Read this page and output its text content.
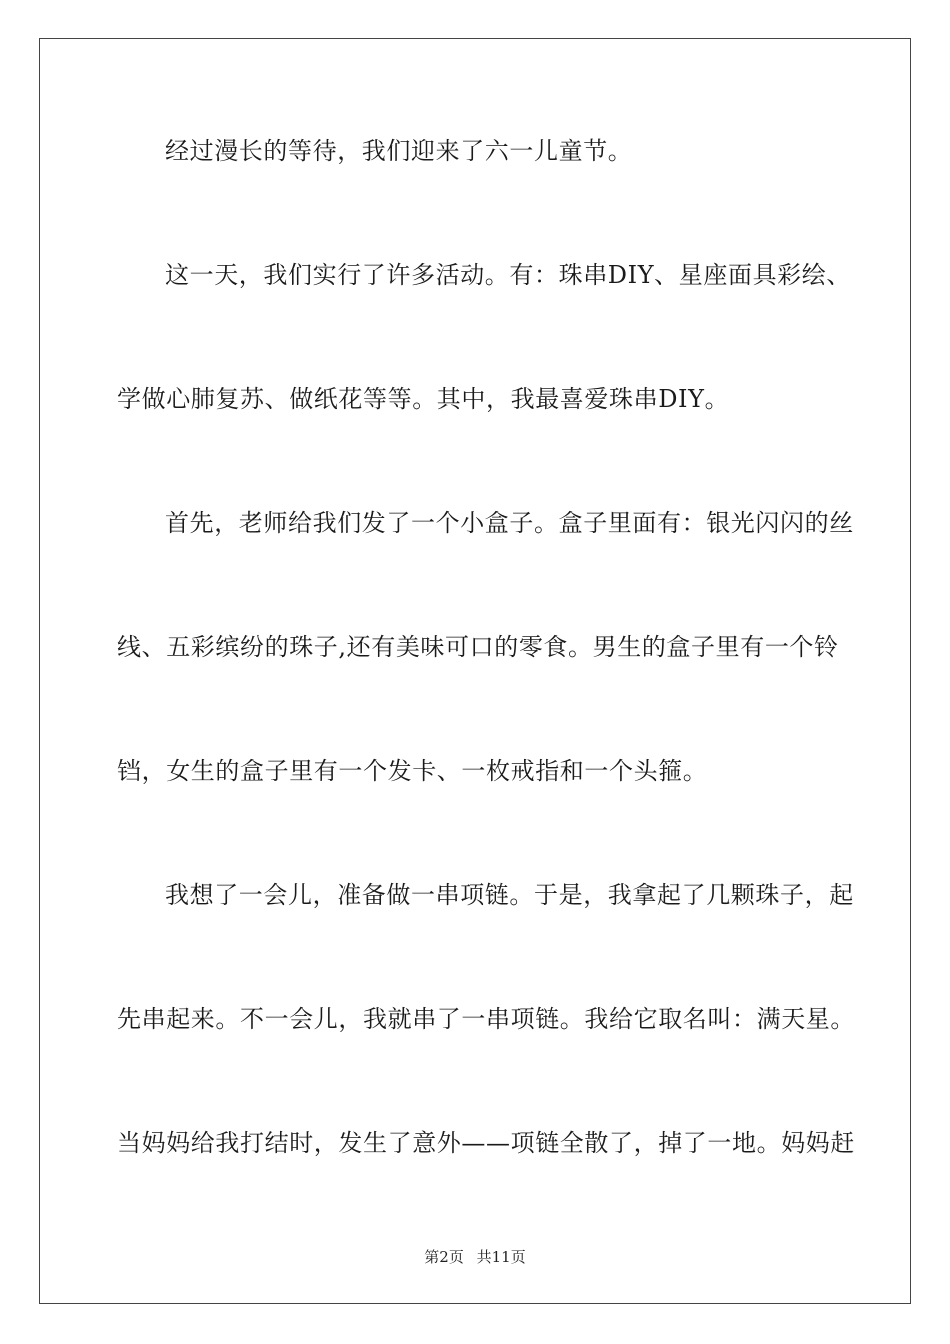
经过漫长的等待，我们迎来了六一儿童节。
这一天，我们实行了许多活动。有：珠串DIY、星座面具彩绘、
学做心肺复苏、做纸花等等。其中，我最喜爱珠串DIY。
首先，老师给我们发了一个小盒子。盒子里面有：银光闪闪的丝
线、五彩缤纷的珠子,还有美味可口的零食。男生的盒子里有一个铃
铛，女生的盒子里有一个发卡、一枚戒指和一个头箍。
我想了一会儿，准备做一串项链。于是，我拿起了几颗珠子，起
先串起来。不一会儿，我就串了一串项链。我给它取名叫：满天星。
当妈妈给我打结时，发生了意外——项链全散了，掉了一地。妈妈赶
第2页 共11页
